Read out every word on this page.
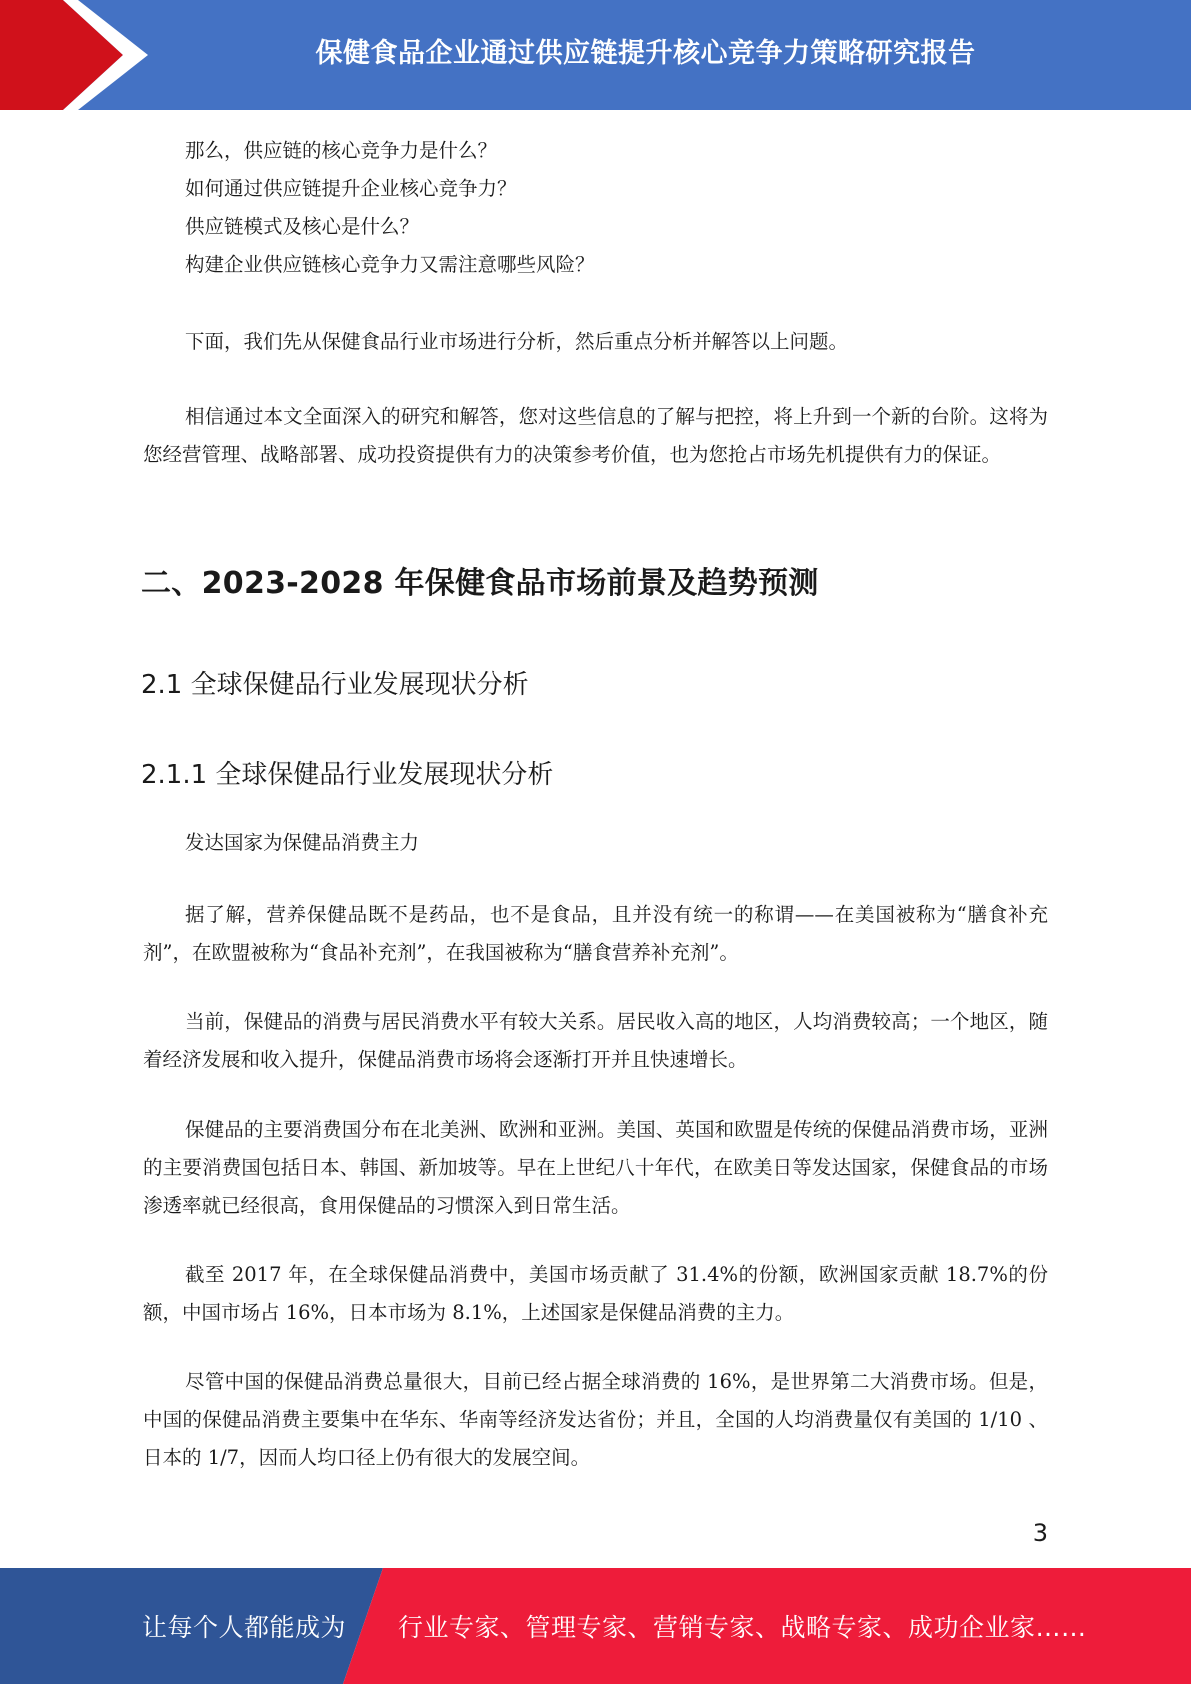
保健食品企业通过供应链提升核心竞争力策略研究报告
那么，供应链的核心竞争力是什么？
如何通过供应链提升企业核心竞争力？
供应链模式及核心是什么？
构建企业供应链核心竞争力又需注意哪些风险？
下面，我们先从保健食品行业市场进行分析，然后重点分析并解答以上问题。
相信通过本文全面深入的研究和解答，您对这些信息的了解与把控，将上升到一个新的台阶。这将为您经营管理、战略部署、成功投资提供有力的决策参考价值，也为您抢占市场先机提供有力的保证。
二、2023-2028 年保健食品市场前景及趋势预测
2.1 全球保健品行业发展现状分析
2.1.1 全球保健品行业发展现状分析
发达国家为保健品消费主力
据了解，营养保健品既不是药品，也不是食品，且并没有统一的称谓——在美国被称为“膳食补充剂”，在欧盟被称为“食品补充剂”，在我国被称为“膳食营养补充剂”。
当前，保健品的消费与居民消费水平有较大关系。居民收入高的地区，人均消费较高；一个地区，随着经济发展和收入提升，保健品消费市场将会逐渐打开并且快速增长。
保健品的主要消费国分布在北美洲、欧洲和亚洲。美国、英国和欧盟是传统的保健品消费市场，亚洲的主要消费国包括日本、韩国、新加坡等。早在上世纪八十年代，在欧美日等发达国家，保健食品的市场渗透率就已经很高，食用保健品的习惯深入到日常生活。
截至 2017 年，在全球保健品消费中，美国市场贡献了 31.4%的份额，欧洲国家贡献 18.7%的份额，中国市场占 16%，日本市场为 8.1%，上述国家是保健品消费的主力。
尽管中国的保健品消费总量很大，目前已经占据全球消费的 16%，是世界第二大消费市场。但是，中国的保健品消费主要集中在华东、华南等经济发达省份；并且，全国的人均消费量仅有美国的 1/10 、日本的 1/7，因而人均口径上仍有很大的发展空间。
3
让每个人都能成为 行业专家、管理专家、营销专家、战略专家、成功企业家……
